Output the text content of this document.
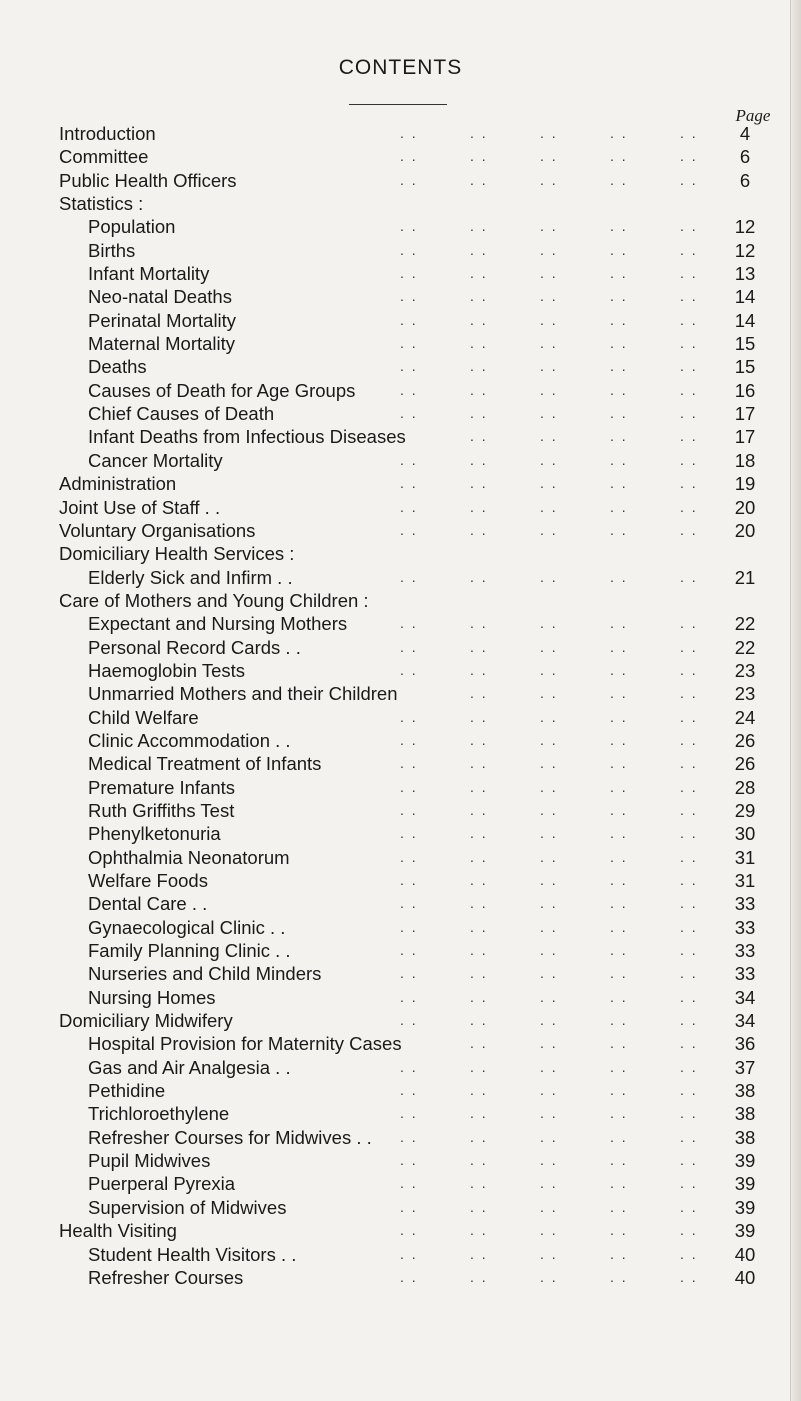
CONTENTS
Page
Introduction	. .	. .	. .	. .	. .	4
Committee	. .	. .	. .	. .	. .	6
Public Health Officers	. .	. .	. .	. .	. .	6
Statistics :
Population	. .	. .	. .	. .	. .	12
Births	. .	. .	. .	. .	. .	12
Infant Mortality	. .	. .	. .	. .	. .	13
Neo-natal Deaths	. .	. .	. .	. .	. .	14
Perinatal Mortality	. .	. .	. .	. .	. .	14
Maternal Mortality	. .	. .	. .	. .	. .	15
Deaths	. .	. .	. .	. .	. .	15
Causes of Death for Age Groups	. .	. .	. .	. .	. .	16
Chief Causes of Death	. .	. .	. .	. .	. .	17
Infant Deaths from Infectious Diseases	. .	. .	. .	. .	17
Cancer Mortality	. .	. .	. .	. .	. .	18
Administration	. .	. .	. .	. .	. .	19
Joint Use of Staff . .	. .	. .	. .	. .	. .	20
Voluntary Organisations	. .	. .	. .	. .	. .	20
Domiciliary Health Services :
Elderly Sick and Infirm . .	. .	. .	. .	. .	. .	21
Care of Mothers and Young Children :
Expectant and Nursing Mothers	. .	. .	. .	. .	. .	22
Personal Record Cards . .	. .	. .	. .	. .	. .	22
Haemoglobin Tests	. .	. .	. .	. .	. .	23
Unmarried Mothers and their Children	. .	. .	. .	. .	23
Child Welfare	. .	. .	. .	. .	. .	24
Clinic Accommodation . .	. .	. .	. .	. .	. .	26
Medical Treatment of Infants	. .	. .	. .	. .	. .	26
Premature Infants	. .	. .	. .	. .	. .	28
Ruth Griffiths Test	. .	. .	. .	. .	. .	29
Phenylketonuria	. .	. .	. .	. .	. .	30
Ophthalmia Neonatorum	. .	. .	. .	. .	. .	31
Welfare Foods	. .	. .	. .	. .	. .	31
Dental Care . .	. .	. .	. .	. .	. .	33
Gynaecological Clinic . .	. .	. .	. .	. .	. .	33
Family Planning Clinic . .	. .	. .	. .	. .	. .	33
Nurseries and Child Minders	. .	. .	. .	. .	. .	33
Nursing Homes	. .	. .	. .	. .	. .	34
Domiciliary Midwifery	. .	. .	. .	. .	. .	34
Hospital Provision for Maternity Cases	. .	. .	. .	. .	36
Gas and Air Analgesia . .	. .	. .	. .	. .	. .	37
Pethidine	. .	. .	. .	. .	. .	38
Trichloroethylene	. .	. .	. .	. .	. .	38
Refresher Courses for Midwives . . . .	. .	. .	. .	. .	38
Pupil Midwives	. .	. .	. .	. .	. .	39
Puerperal Pyrexia	. .	. .	. .	. .	. .	39
Supervision of Midwives	. .	. .	. .	. .	. .	39
Health Visiting	. .	. .	. .	. .	. .	39
Student Health Visitors . .	. .	. .	. .	. .	. .	40
Refresher Courses	. .	. .	. .	. .	. .	40
